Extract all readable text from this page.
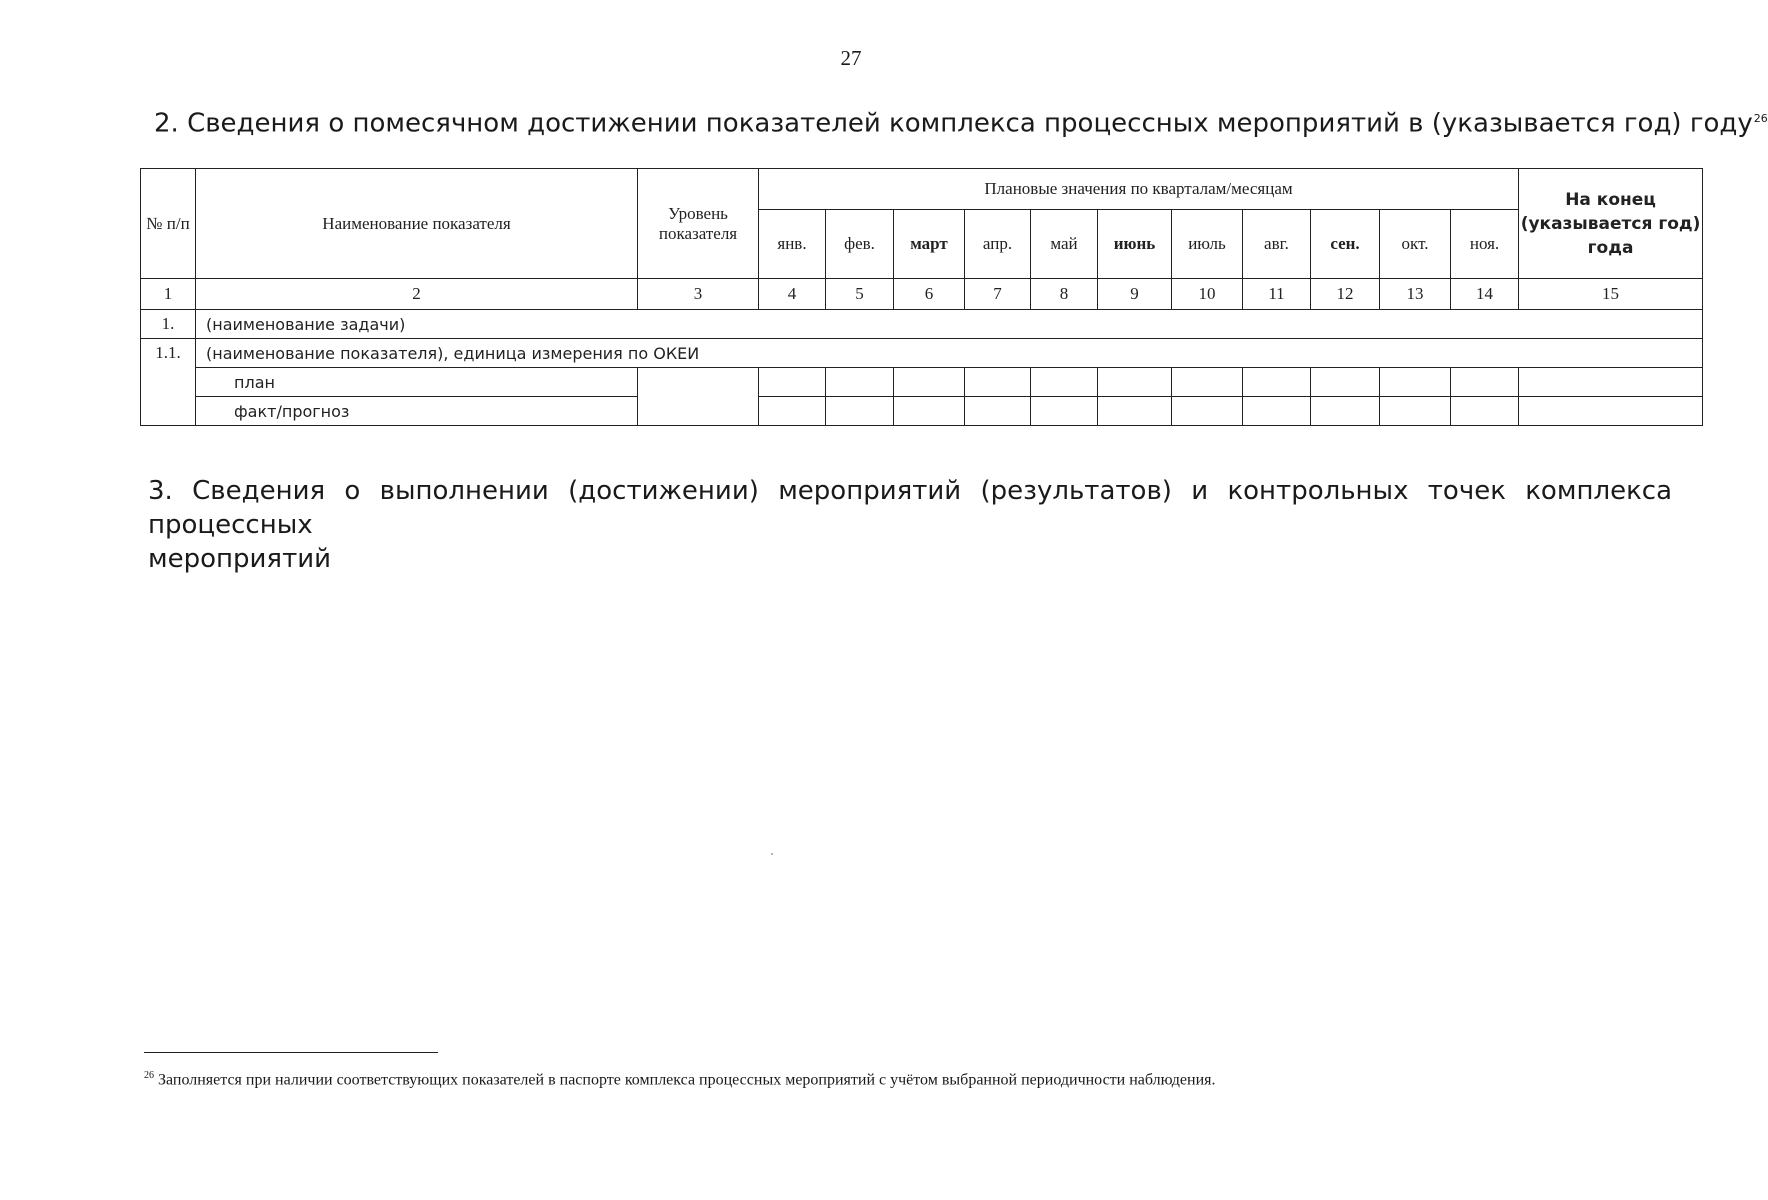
27
2. Сведения о помесячном достижении показателей комплекса процессных мероприятий в (указывается год) году$^{26}$
№ п/п	Наименование показателя	Уровень показателя	Плановые значения по кварталам/месяцам											На конец (указывается год) года
			янв.	фев.	март	апр.	май	июнь	июль	авг.	сен.	окт.	ноя.	
1	2	3	4	5	6	7	8	9	10	11	12	13	14	15
1.	(наименование задачи)													
1.1.	(наименование показателя), единица измерения по ОКЕИ													
	план													
	факт/прогноз													
3. Сведения о выполнении (достижении) мероприятий (результатов) и контрольных точек комплекса процессных
мероприятий
$^{26}$ Заполняется при наличии соответствующих показателей в паспорте комплекса процессных мероприятий с учётом выбранной периодичности наблюдения.
